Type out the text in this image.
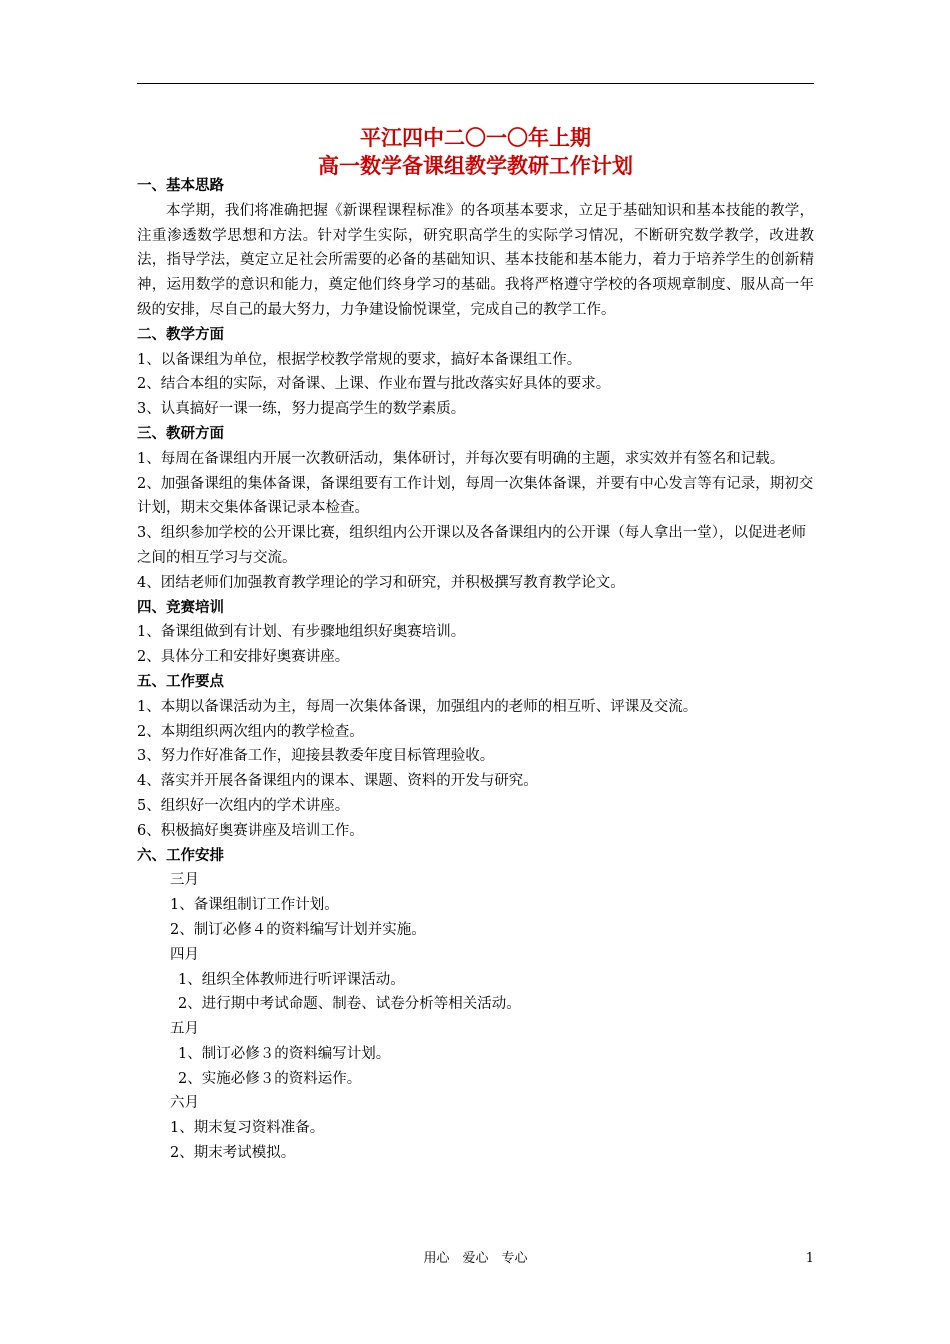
平江四中二〇一〇年上期
高一数学备课组教学教研工作计划

一、基本思路

本学期，我们将准确把握《新课程课程标准》的各项基本要求，立足于基础知识和基本技能的教学，注重渗透数学思想和方法。针对学生实际，研究职高学生的实际学习情况，不断研究数学教学，改进教法，指导学法，奠定立足社会所需要的必备的基础知识、基本技能和基本能力，着力于培养学生的创新精神，运用数学的意识和能力，奠定他们终身学习的基础。我将严格遵守学校的各项规章制度、服从高一年级的安排，尽自己的最大努力，力争建设愉悦课堂，完成自己的教学工作。

二、教学方面

1、以备课组为单位，根据学校教学常规的要求，搞好本备课组工作。

2、结合本组的实际，对备课、上课、作业布置与批改落实好具体的要求。

3、认真搞好一课一练，努力提高学生的数学素质。

三、教研方面

1、每周在备课组内开展一次教研活动，集体研讨，并每次要有明确的主题，求实效并有签名和记载。

2、加强备课组的集体备课，备课组要有工作计划，每周一次集体备课，并要有中心发言等有记录，期初交计划，期末交集体备课记录本检查。

3、组织参加学校的公开课比赛，组织组内公开课以及各备课组内的公开课（每人拿出一堂），以促进老师之间的相互学习与交流。

4、团结老师们加强教育教学理论的学习和研究，并积极撰写教育教学论文。

四、竞赛培训

1、备课组做到有计划、有步骤地组织好奥赛培训。

2、具体分工和安排好奥赛讲座。

五、工作要点

1、本期以备课活动为主，每周一次集体备课，加强组内的老师的相互听、评课及交流。

2、本期组织两次组内的教学检查。

3、努力作好准备工作，迎接县教委年度目标管理验收。

4、落实并开展各备课组内的课本、课题、资料的开发与研究。

5、组织好一次组内的学术讲座。

6、积极搞好奥赛讲座及培训工作。

六、工作安排

三月

1、备课组制订工作计划。

2、制订必修４的资料编写计划并实施。

四月

1、组织全体教师进行听评课活动。

2、进行期中考试命题、制卷、试卷分析等相关活动。

五月

1、制订必修３的资料编写计划。

2、实施必修３的资料运作。

六月

1、期末复习资料准备。

2、期末考试模拟。

用心　爱心　专心	1
